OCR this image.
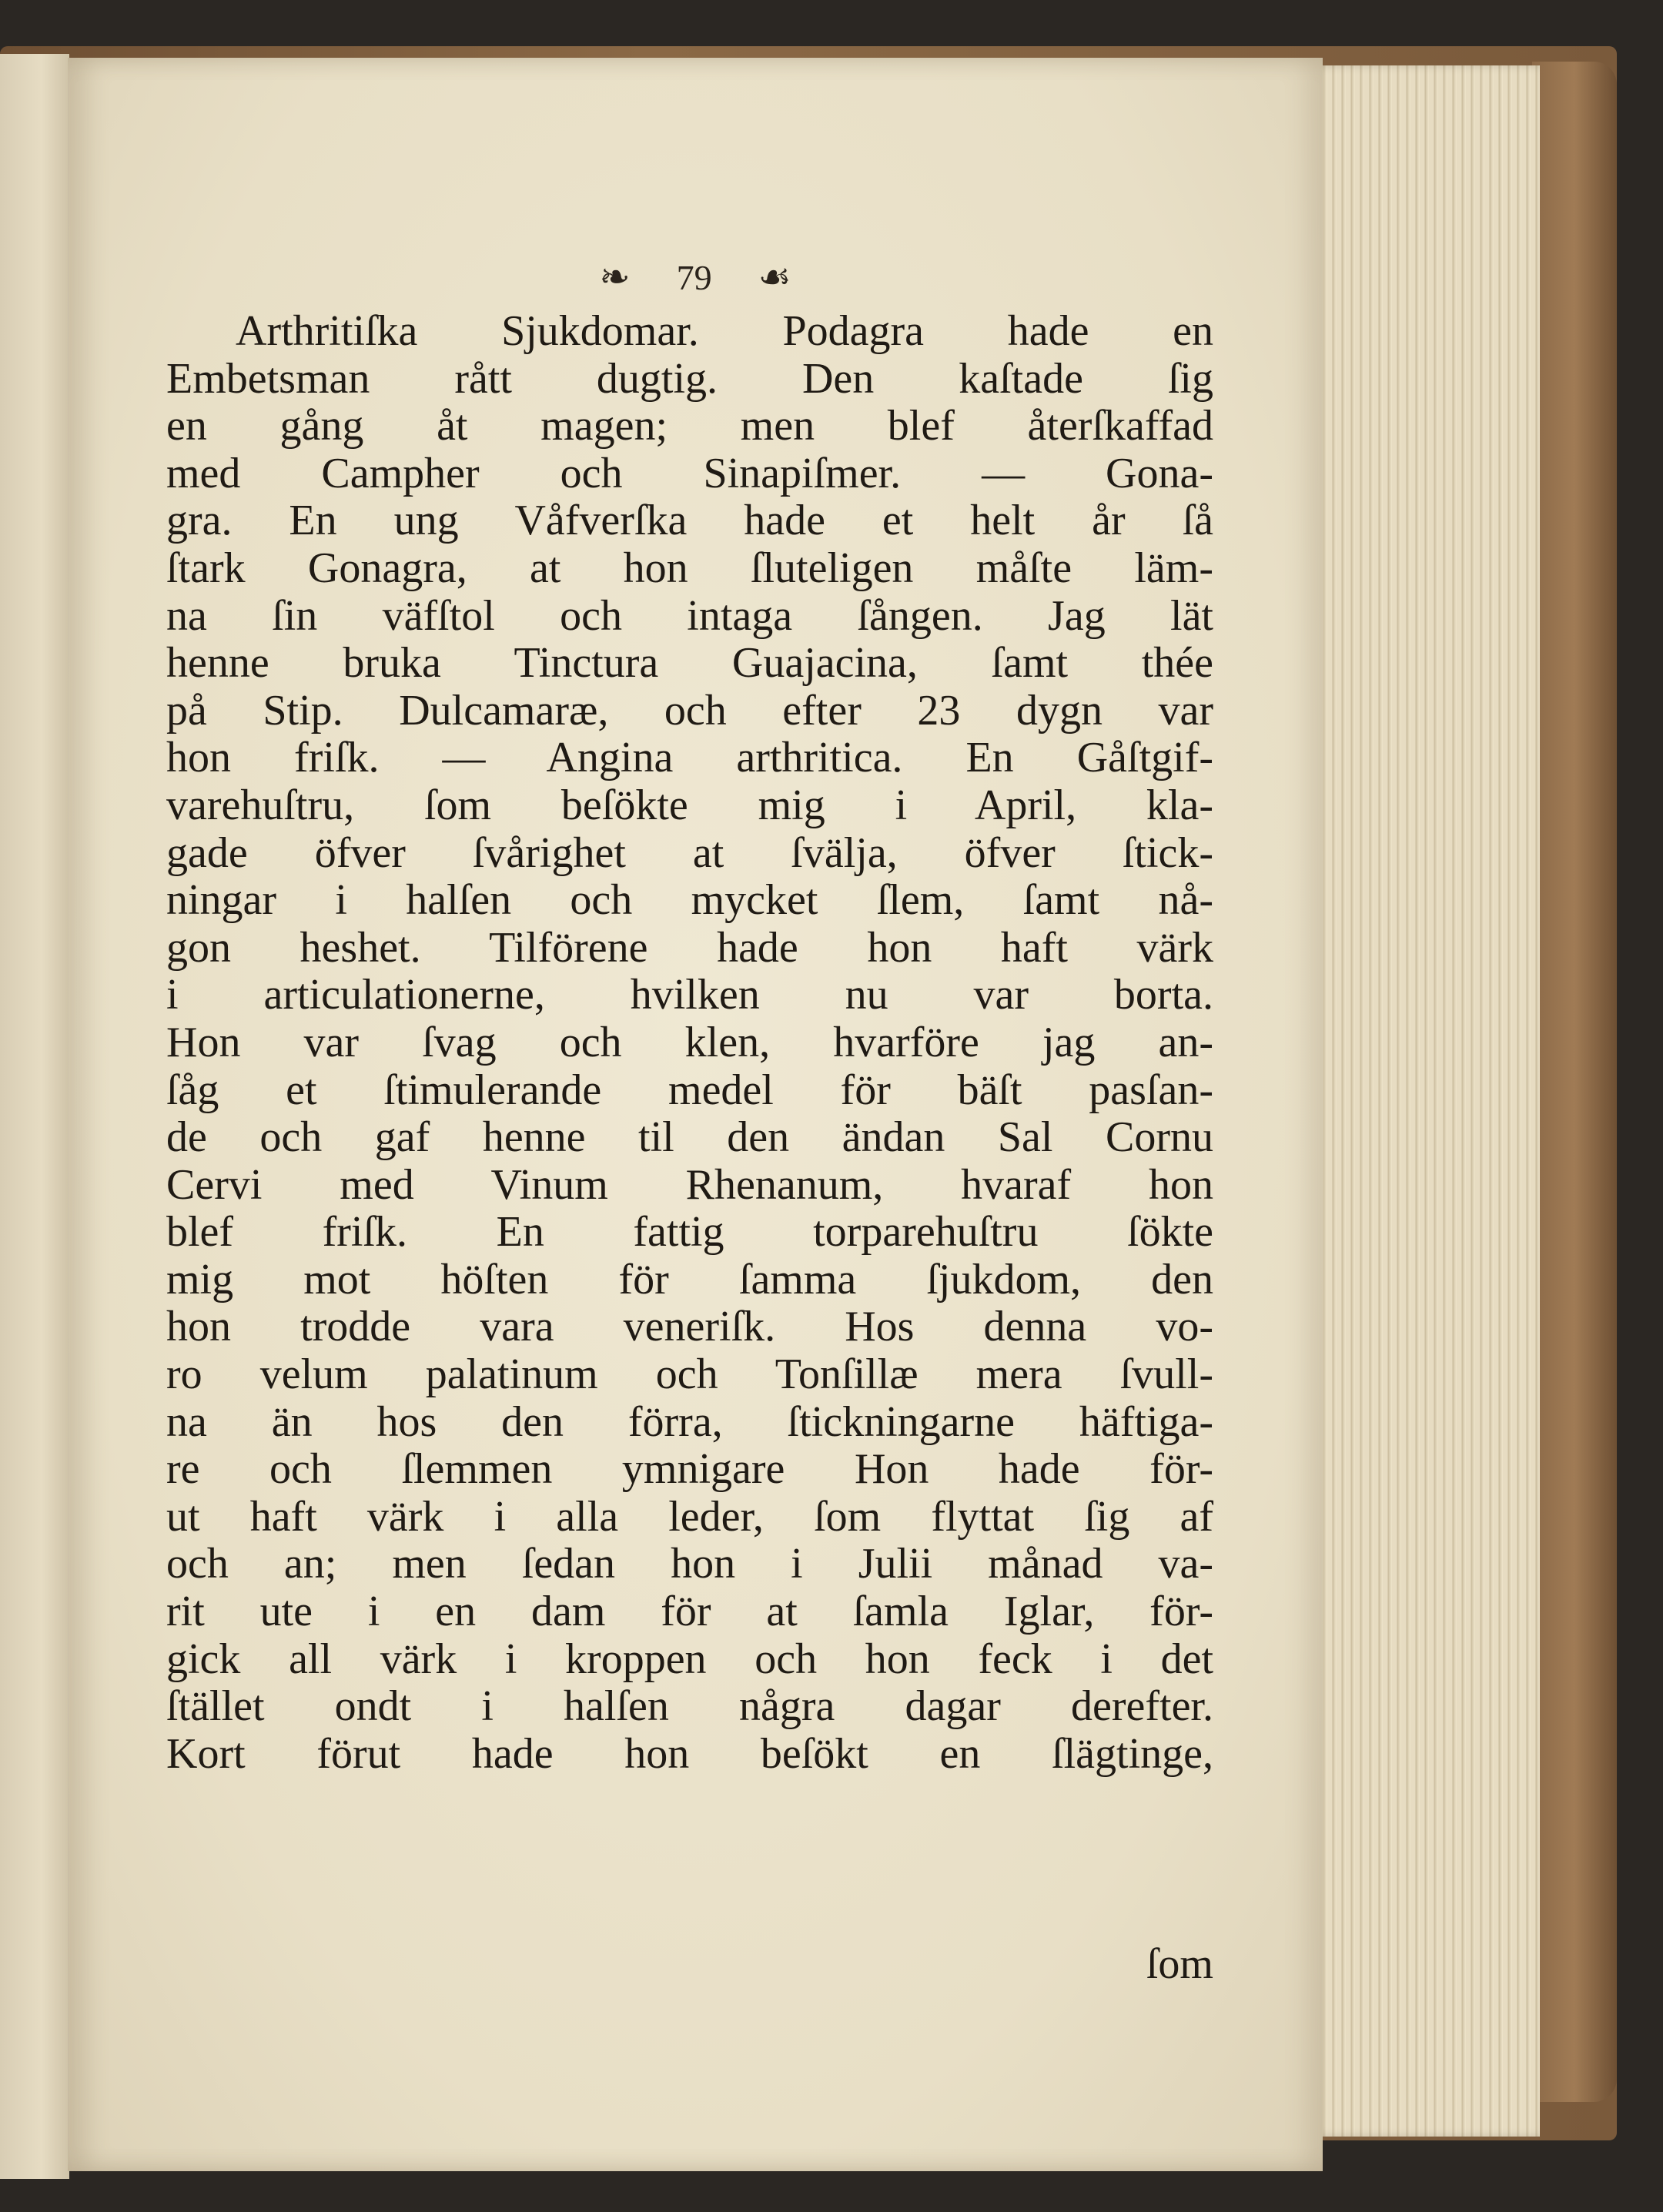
❧ 79 ☙
Arthritiſka Sjukdomar. Podagra hade en
Embetsman rått dugtig. Den kaſtade ſig
en gång åt magen; men blef återſkaffad
med Campher och Sinapiſmer. — Gona-
gra. En ung Våfverſka hade et helt år ſå
ſtark Gonagra, at hon ſluteligen måſte läm-
na ſin väfſtol och intaga ſången. Jag lät
henne bruka Tinctura Guajacina, ſamt thée
på Stip. Dulcamaræ, och efter 23 dygn var
hon friſk. — Angina arthritica. En Gåſtgif-
varehuſtru, ſom beſökte mig i April, kla-
gade öfver ſvårighet at ſvälja, öfver ſtick-
ningar i halſen och mycket ſlem, ſamt nå-
gon heshet. Tilförene hade hon haft värk
i articulationerne, hvilken nu var borta.
Hon var ſvag och klen, hvarföre jag an-
ſåg et ſtimulerande medel för bäſt pasſan-
de och gaf henne til den ändan Sal Cornu
Cervi med Vinum Rhenanum, hvaraf hon
blef friſk. En fattig torparehuſtru ſökte
mig mot höſten för ſamma ſjukdom, den
hon trodde vara veneriſk. Hos denna vo-
ro velum palatinum och Tonſillæ mera ſvull-
na än hos den förra, ſtickningarne häftiga-
re och ſlemmen ymnigare Hon hade för-
ut haft värk i alla leder, ſom flyttat ſig af
och an; men ſedan hon i Julii månad va-
rit ute i en dam för at ſamla Iglar, för-
gick all värk i kroppen och hon feck i det
ſtället ondt i halſen några dagar derefter.
Kort förut hade hon beſökt en ſlägtinge,
ſom
